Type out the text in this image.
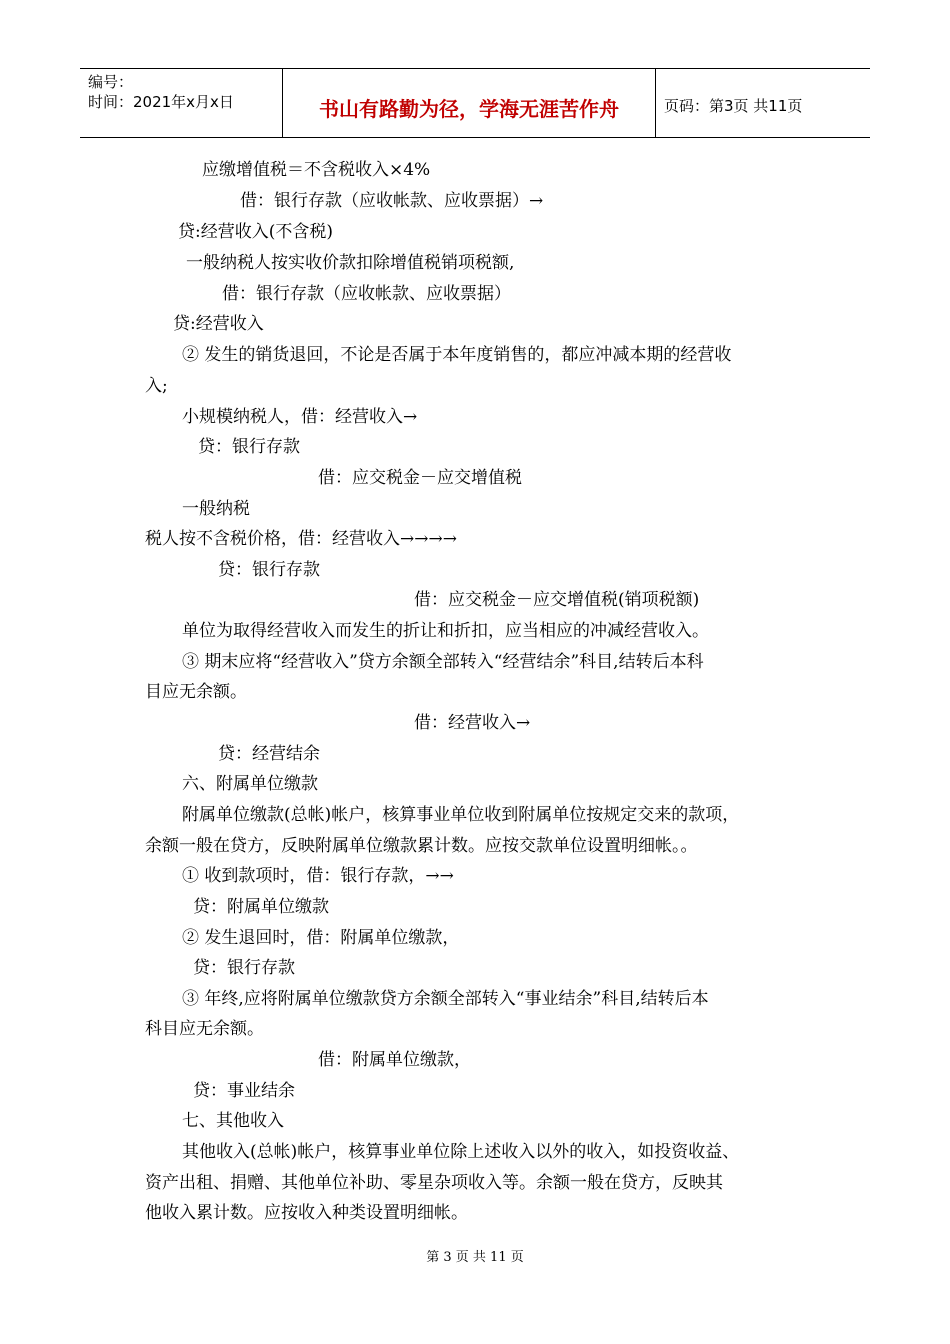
编号：
时间：2021年x月x日	书山有路勤为径，学海无涯苦作舟	页码：第3页 共11页
应缴增值税＝不含税收入×4%
借：银行存款（应收帐款、应收票据）→
贷:经营收入(不含税)
一般纳税人按实收价款扣除增值税销项税额,
借：银行存款（应收帐款、应收票据）
贷:经营收入
② 发生的销货退回，不论是否属于本年度销售的，都应冲减本期的经营收
入;
小规模纳税人，借：经营收入→
贷：银行存款
借：应交税金－应交增值税
一般纳税
税人按不含税价格，借：经营收入→→→→
贷：银行存款
借：应交税金－应交增值税(销项税额)
单位为取得经营收入而发生的折让和折扣，应当相应的冲减经营收入。
③ 期末应将“经营收入”贷方余额全部转入“经营结余”科目,结转后本科
目应无余额。
借：经营收入→
贷：经营结余
六、附属单位缴款
附属单位缴款(总帐)帐户，核算事业单位收到附属单位按规定交来的款项，
余额一般在贷方，反映附属单位缴款累计数。应按交款单位设置明细帐。。
① 收到款项时，借：银行存款，→→
贷：附属单位缴款
② 发生退回时，借：附属单位缴款，
贷：银行存款
③ 年终,应将附属单位缴款贷方余额全部转入“事业结余”科目,结转后本
科目应无余额。
借：附属单位缴款，
贷：事业结余
七、其他收入
其他收入(总帐)帐户，核算事业单位除上述收入以外的收入，如投资收益、
资产出租、捐赠、其他单位补助、零星杂项收入等。余额一般在贷方，反映其
他收入累计数。应按收入种类设置明细帐。
第 3 页 共 11 页
